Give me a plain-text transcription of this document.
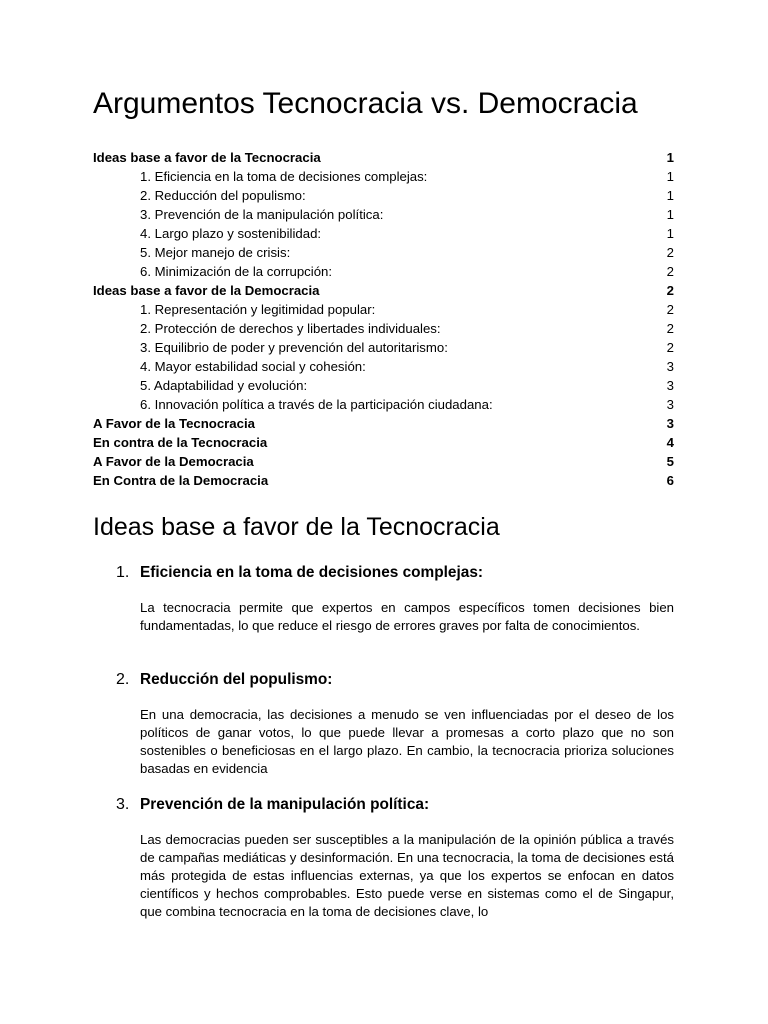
Argumentos Tecnocracia vs. Democracia
Ideas base a favor de la Tecnocracia	1
1. Eficiencia en la toma de decisiones complejas:	1
2. Reducción del populismo:	1
3. Prevención de la manipulación política:	1
4. Largo plazo y sostenibilidad:	1
5. Mejor manejo de crisis:	2
6. Minimización de la corrupción:	2
Ideas base a favor de la Democracia	2
1. Representación y legitimidad popular:	2
2. Protección de derechos y libertades individuales:	2
3. Equilibrio de poder y prevención del autoritarismo:	2
4. Mayor estabilidad social y cohesión:	3
5. Adaptabilidad y evolución:	3
6. Innovación política a través de la participación ciudadana:	3
A Favor de la Tecnocracia	3
En contra de la Tecnocracia	4
A Favor de la Democracia	5
En Contra de la Democracia	6
Ideas base a favor de la Tecnocracia
1. Eficiencia en la toma de decisiones complejas:

La tecnocracia permite que expertos en campos específicos tomen decisiones bien fundamentadas, lo que reduce el riesgo de errores graves por falta de conocimientos.

2. Reducción del populismo:

En una democracia, las decisiones a menudo se ven influenciadas por el deseo de los políticos de ganar votos, lo que puede llevar a promesas a corto plazo que no son sostenibles o beneficiosas en el largo plazo. En cambio, la tecnocracia prioriza soluciones basadas en evidencia

3. Prevención de la manipulación política:

Las democracias pueden ser susceptibles a la manipulación de la opinión pública a través de campañas mediáticas y desinformación. En una tecnocracia, la toma de decisiones está más protegida de estas influencias externas, ya que los expertos se enfocan en datos científicos y hechos comprobables. Esto puede verse en sistemas como el de Singapur, que combina tecnocracia en la toma de decisiones clave, lo
